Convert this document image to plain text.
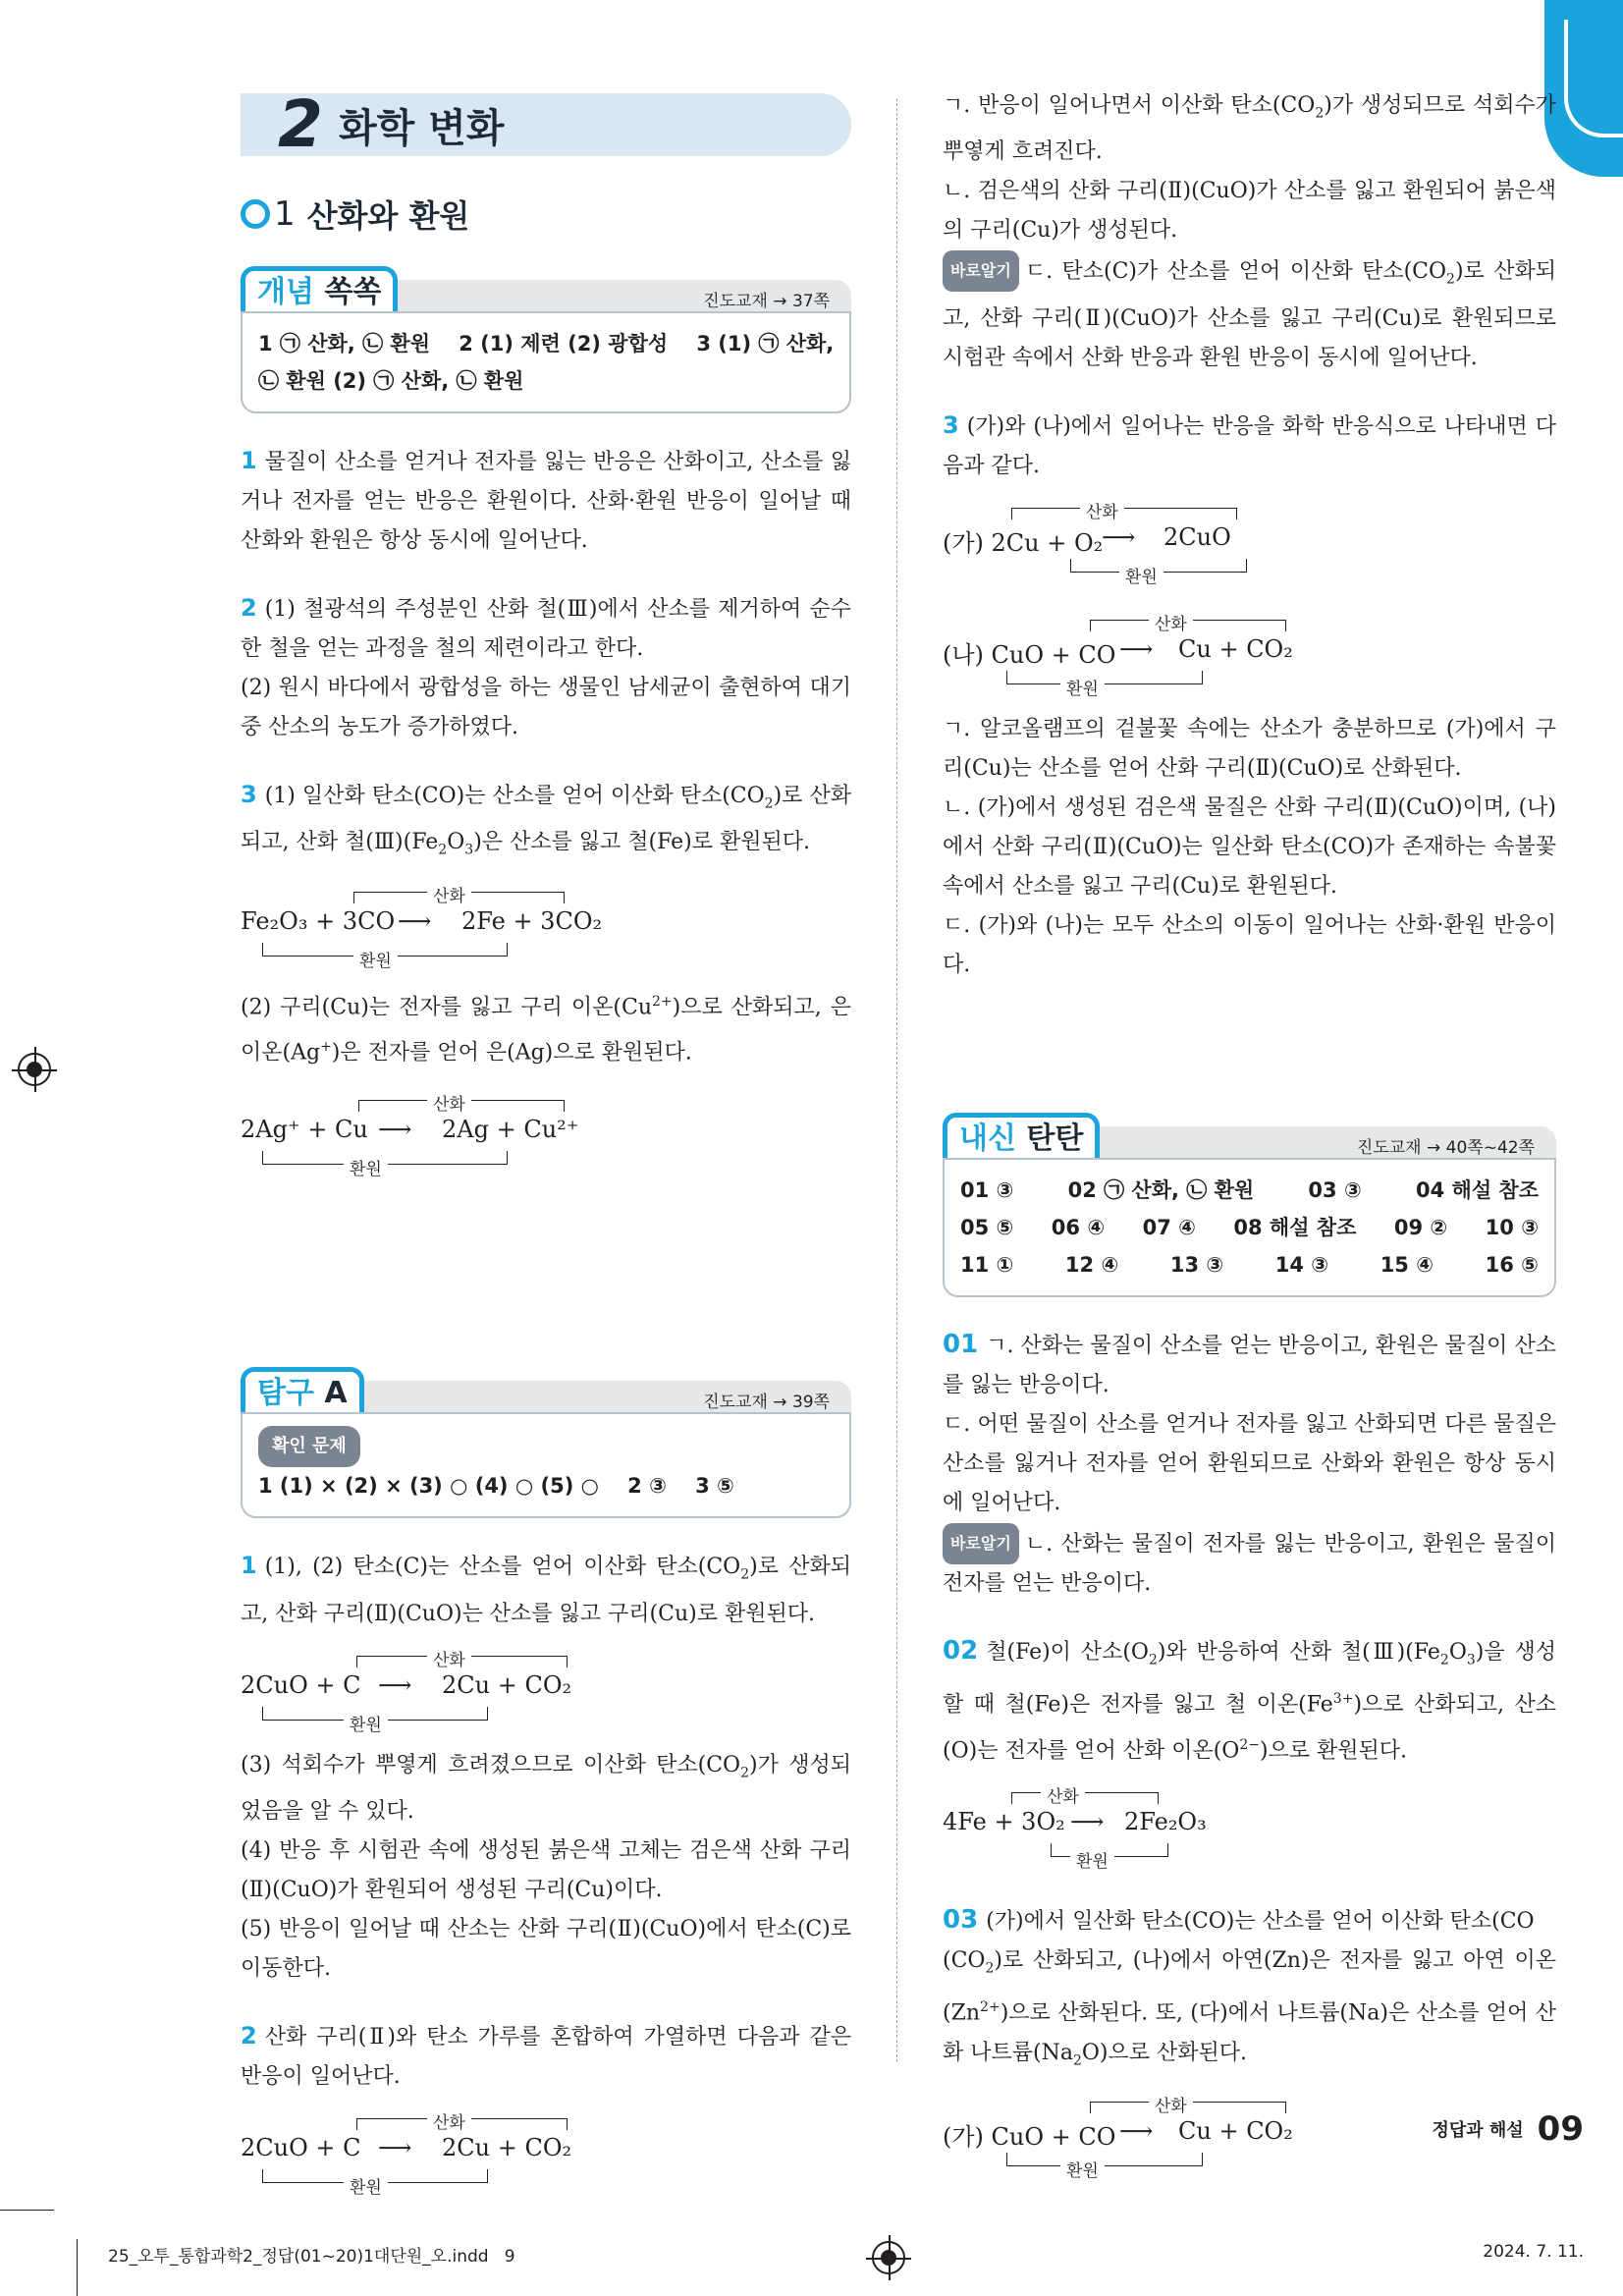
2 화학 변화
1 산화와 환원
개념 쏙쏙	진도교재 → 37쪽
1 ㉠ 산화, ㉡ 환원    2 (1) 제련 (2) 광합성    3 (1) ㉠ 산화,
㉡ 환원 (2) ㉠ 산화, ㉡ 환원
1 물질이 산소를 얻거나 전자를 잃는 반응은 산화이고, 산소를 잃거나 전자를 얻는 반응은 환원이다. 산화·환원 반응이 일어날 때 산화와 환원은 항상 동시에 일어난다.
2 (1) 철광석의 주성분인 산화 철(Ⅲ)에서 산소를 제거하여 순수한 철을 얻는 과정을 철의 제련이라고 한다.
(2) 원시 바다에서 광합성을 하는 생물인 남세균이 출현하여 대기 중 산소의 농도가 증가하였다.
3 (1) 일산화 탄소(CO)는 산소를 얻어 이산화 탄소$(CO_2)$로 산화되고, 산화 철$(Ⅲ)(Fe_2O_3)$은 산소를 잃고 철(Fe)로 환원된다.
산화
Fe₂O₃ + 3CO ⟶ 2Fe + 3CO₂
환원
(2) 구리(Cu)는 전자를 잃고 구리 이온$(Cu^{2+})$으로 산화되고, 은 이온(Ag+)은 전자를 얻어 은(Ag)으로 환원된다.
산화
2Ag⁺ + Cu ⟶ 2Ag + Cu²⁺
환원
탐구 A	진도교재 → 39쪽
확인 문제1 (1) × (2) × (3) ○ (4) ○ (5) ○    2 ③    3 ⑤
1 (1), (2) 탄소(C)는 산소를 얻어 이산화 탄소$(CO_2)$로 산화되고, 산화 구리(Ⅱ)(CuO)는 산소를 잃고 구리(Cu)로 환원된다.
산화
2CuO + C ⟶ 2Cu + CO₂
환원
(3) 석회수가 뿌옇게 흐려졌으므로 이산화 탄소$(CO_2)$가 생성되었음을 알 수 있다.
(4) 반응 후 시험관 속에 생성된 붉은색 고체는 검은색 산화 구리(Ⅱ)(CuO)가 환원되어 생성된 구리(Cu)이다.
(5) 반응이 일어날 때 산소는 산화 구리(Ⅱ)(CuO)에서 탄소(C)로 이동한다.
2 산화 구리(Ⅱ)와 탄소 가루를 혼합하여 가열하면 다음과 같은 반응이 일어난다.
산화
2CuO + C ⟶ 2Cu + CO₂
환원
ㄱ. 반응이 일어나면서 이산화 탄소$(CO_2)$가 생성되므로 석회수가 뿌옇게 흐려진다.
ㄴ. 검은색의 산화 구리(Ⅱ)(CuO)가 산소를 잃고 환원되어 붉은색의 구리(Cu)가 생성된다.
바로알기 ㄷ. 탄소(C)가 산소를 얻어 이산화 탄소$(CO_2)$로 산화되고, 산화 구리(Ⅱ)(CuO)가 산소를 잃고 구리(Cu)로 환원되므로 시험관 속에서 산화 반응과 환원 반응이 동시에 일어난다.
3 (가)와 (나)에서 일어나는 반응을 화학 반응식으로 나타내면 다음과 같다.
산화
(가) 2Cu + O₂
⟶ 2CuO
환원
산화
(나) CuO + CO ⟶ Cu + CO₂
환원
ㄱ. 알코올램프의 겉불꽃 속에는 산소가 충분하므로 (가)에서 구리(Cu)는 산소를 얻어 산화 구리(Ⅱ)(CuO)로 산화된다.
ㄴ. (가)에서 생성된 검은색 물질은 산화 구리(Ⅱ)(CuO)이며, (나)에서 산화 구리(Ⅱ)(CuO)는 일산화 탄소(CO)가 존재하는 속불꽃 속에서 산소를 잃고 구리(Cu)로 환원된다.
ㄷ. (가)와 (나)는 모두 산소의 이동이 일어나는 산화·환원 반응이다.
내신 탄탄	진도교재 → 40쪽~42쪽
01 ③	02 ㉠ 산화, ㉡ 환원	03 ③	04 해설 참조
05 ⑤ 06 ④ 07 ④ 08 해설 참조 09 ② 10 ③
11 ①	12 ④	13 ③	14 ③	15 ④	16 ⑤
01 ㄱ. 산화는 물질이 산소를 얻는 반응이고, 환원은 물질이 산소를 잃는 반응이다.
ㄷ. 어떤 물질이 산소를 얻거나 전자를 잃고 산화되면 다른 물질은 산소를 잃거나 전자를 얻어 환원되므로 산화와 환원은 항상 동시에 일어난다.
바로알기 ㄴ. 산화는 물질이 전자를 잃는 반응이고, 환원은 물질이 전자를 얻는 반응이다.
02 철(Fe)이 산소$(O_2)$와 반응하여 산화 철$(Ⅲ)(Fe_2O_3)$을 생성할 때 철(Fe)은 전자를 잃고 철 이온$(Fe^{3+})$으로 산화되고, 산소(O)는 전자를 얻어 산화 이온$(O^{2-})$으로 환원된다.
산화
4Fe + 3O₂ ⟶ 2Fe₂O₃
환원
03 (가)에서 일산화 탄소(CO)는 산소를 얻어 이산화 탄소(CO
$(CO_2)$로 산화되고, (나)에서 아연(Zn)은 전자를 잃고 아연 이온$(Zn^{2+})$으로 산화된다. 또, (다)에서 나트륨(Na)은 산소를 얻어 산화 나트륨$(Na_2O)$으로 산화된다.
산화
(가) CuO + CO ⟶ Cu + CO₂
환원
정답과 해설 09
25_오투_통합과학2_정답(01~20)1대단원_오.indd   9	2024. 7. 11.
